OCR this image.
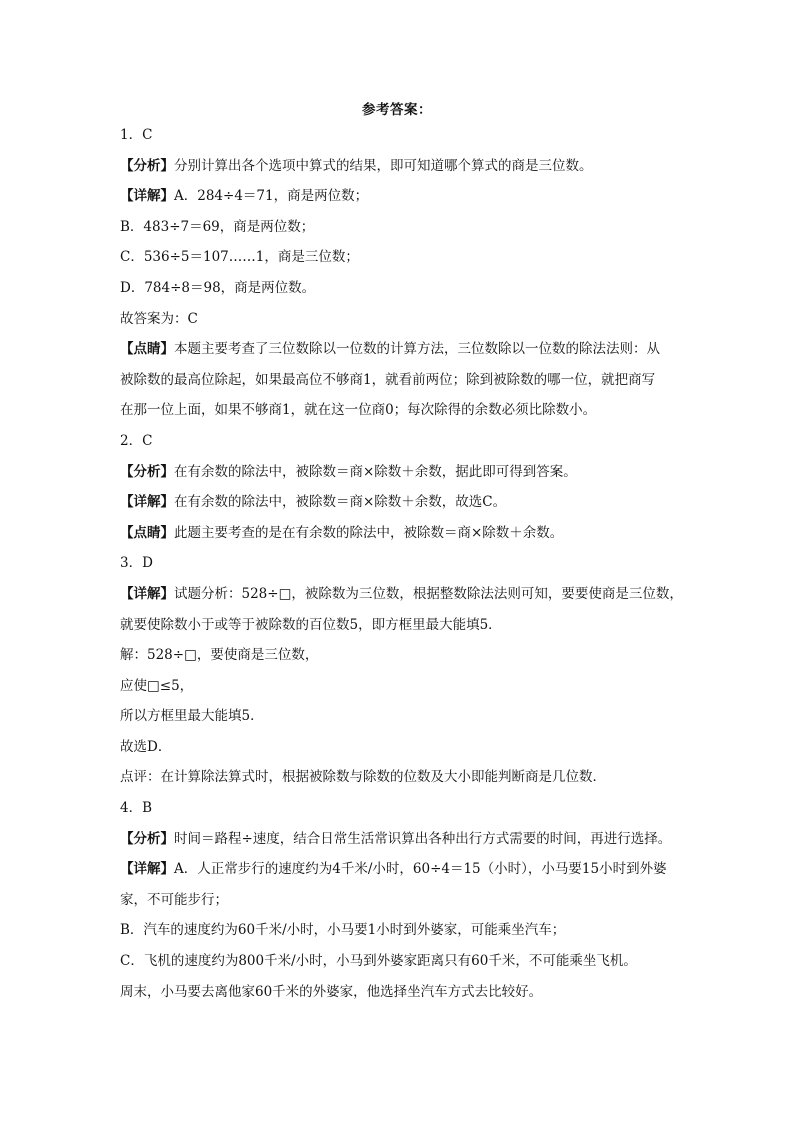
参考答案：
1．C
【分析】分别计算出各个选项中算式的结果，即可知道哪个算式的商是三位数。
【详解】A．284÷4＝71，商是两位数；
B．483÷7＝69，商是两位数；
C．536÷5＝107……1，商是三位数；
D．784÷8＝98，商是两位数。
故答案为：C
【点睛】本题主要考查了三位数除以一位数的计算方法，三位数除以一位数的除法法则：从
被除数的最高位除起，如果最高位不够商1，就看前两位；除到被除数的哪一位，就把商写
在那一位上面，如果不够商1，就在这一位商0；每次除得的余数必须比除数小。
2．C
【分析】在有余数的除法中，被除数＝商×除数＋余数，据此即可得到答案。
【详解】在有余数的除法中，被除数＝商×除数＋余数，故选C。
【点睛】此题主要考查的是在有余数的除法中，被除数＝商×除数＋余数。
3．D
【详解】试题分析：528÷□，被除数为三位数，根据整数除法法则可知，要要使商是三位数，
就要使除数小于或等于被除数的百位数5，即方框里最大能填5．
解：528÷□，要使商是三位数，
应使□≤5，
所以方框里最大能填5．
故选D．
点评：在计算除法算式时，根据被除数与除数的位数及大小即能判断商是几位数．
4．B
【分析】时间＝路程÷速度，结合日常生活常识算出各种出行方式需要的时间，再进行选择。
【详解】A．人正常步行的速度约为4千米/小时，60÷4＝15（小时），小马要15小时到外婆
家，不可能步行；
B．汽车的速度约为60千米/小时，小马要1小时到外婆家，可能乘坐汽车；
C．飞机的速度约为800千米/小时，小马到外婆家距离只有60千米，不可能乘坐飞机。
周末，小马要去离他家60千米的外婆家，他选择坐汽车方式去比较好。
